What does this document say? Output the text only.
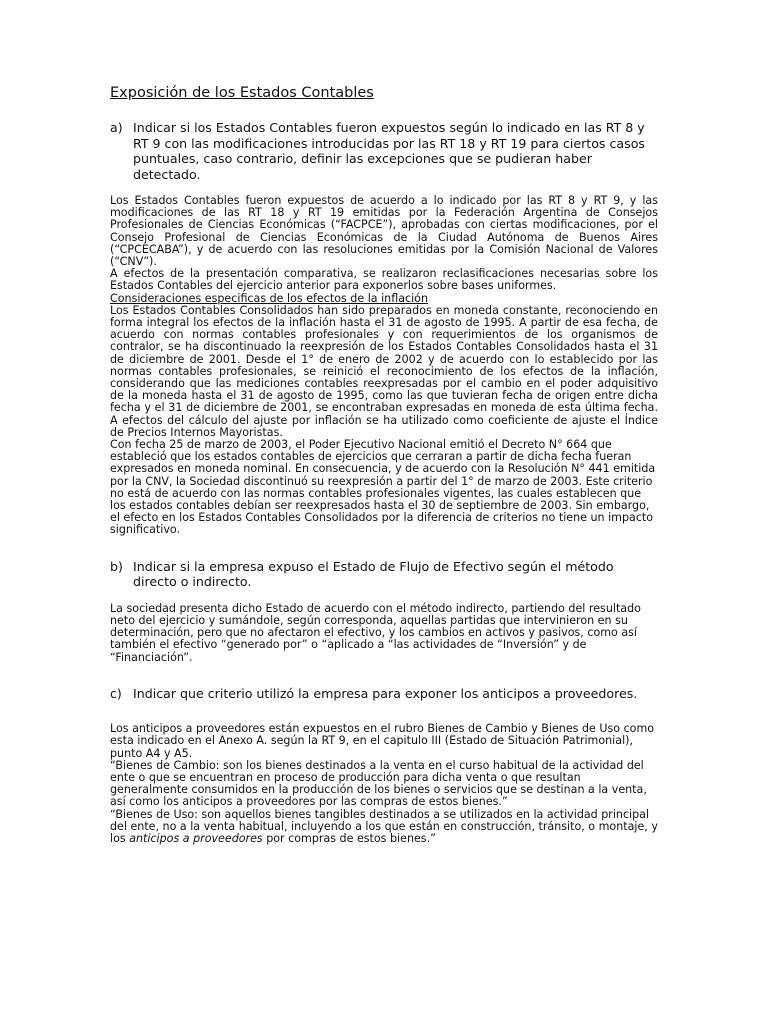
Exposición de los Estados Contables
a) Indicar si los Estados Contables fueron expuestos según lo indicado en las RT 8 y RT 9 con las modificaciones introducidas por las RT 18 y RT 19 para ciertos casos puntuales, caso contrario, definir las excepciones que se pudieran haber detectado.

Los Estados Contables fueron expuestos de acuerdo a lo indicado por las RT 8 y RT 9, y las modificaciones de las RT 18 y RT 19 emitidas por la Federación Argentina de Consejos Profesionales de Ciencias Económicas (“FACPCE”), aprobadas con ciertas modificaciones, por el Consejo Profesional de Ciencias Económicas de la Ciudad Autónoma de Buenos Aires (“CPCECABA”), y de acuerdo con las resoluciones emitidas por la Comisión Nacional de Valores (“CNV”).

A efectos de la presentación comparativa, se realizaron reclasificaciones necesarias sobre los Estados Contables del ejercicio anterior para exponerlos sobre bases uniformes.

Consideraciones especificas de los efectos de la inflación

Los Estados Contables Consolidados han sido preparados en moneda constante, reconociendo en forma integral los efectos de la inflación hasta el 31 de agosto de 1995. A partir de esa fecha, de acuerdo con normas contables profesionales y con requerimientos de los organismos de contralor, se ha discontinuado la reexpresión de los Estados Contables Consolidados hasta el 31 de diciembre de 2001. Desde el 1° de enero de 2002 y de acuerdo con lo establecido por las normas contables profesionales, se reinició el reconocimiento de los efectos de la inflación, considerando que las mediciones contables reexpresadas por el cambio en el poder adquisitivo de la moneda hasta el 31 de agosto de 1995, como las que tuvieran fecha de origen entre dicha fecha y el 31 de diciembre de 2001, se encontraban expresadas en moneda de esta última fecha. A efectos del cálculo del ajuste por inflación se ha utilizado como coeficiente de ajuste el Índice de Precios Internos Mayoristas.

Con fecha 25 de marzo de 2003, el Poder Ejecutivo Nacional emitió el Decreto N° 664 que estableció que los estados contables de ejercicios que cerraran a partir de dicha fecha fueran expresados en moneda nominal. En consecuencia, y de acuerdo con la Resolución N° 441 emitida por la CNV, la Sociedad discontinuó su reexpresión a partir del 1° de marzo de 2003. Este criterio no está de acuerdo con las normas contables profesionales vigentes, las cuales establecen que los estados contables debían ser reexpresados hasta el 30 de septiembre de 2003. Sin embargo, el efecto en los Estados Contables Consolidados por la diferencia de criterios no tiene un impacto significativo.

b) Indicar si la empresa expuso el Estado de Flujo de Efectivo según el método directo o indirecto.

La sociedad presenta dicho Estado de acuerdo con el método indirecto, partiendo del resultado neto del ejercicio y sumándole, según corresponda, aquellas partidas que intervinieron en su determinación, pero que no afectaron el efectivo, y los cambios en activos y pasivos, como así también el efectivo “generado por” o “aplicado a “las actividades de “Inversión” y de “Financiación”.

c) Indicar que criterio utilizó la empresa para exponer los anticipos a proveedores.

Los anticipos a proveedores están expuestos en el rubro Bienes de Cambio y Bienes de Uso como esta indicado en el Anexo A. según la RT 9, en el capitulo III (Estado de Situación Patrimonial), punto A4 y A5.

“Bienes de Cambio: son los bienes destinados a la venta en el curso habitual de la actividad del ente o que se encuentran en proceso de producción para dicha venta o que resultan generalmente consumidos en la producción de los bienes o servicios que se destinan a la venta, así como los anticipos a proveedores por las compras de estos bienes.”

“Bienes de Uso: son aquellos bienes tangibles destinados a se utilizados en la actividad principal del ente, no a la venta habitual, incluyendo a los que están en construcción, tránsito, o montaje, y los anticipos a proveedores por compras de estos bienes.”
